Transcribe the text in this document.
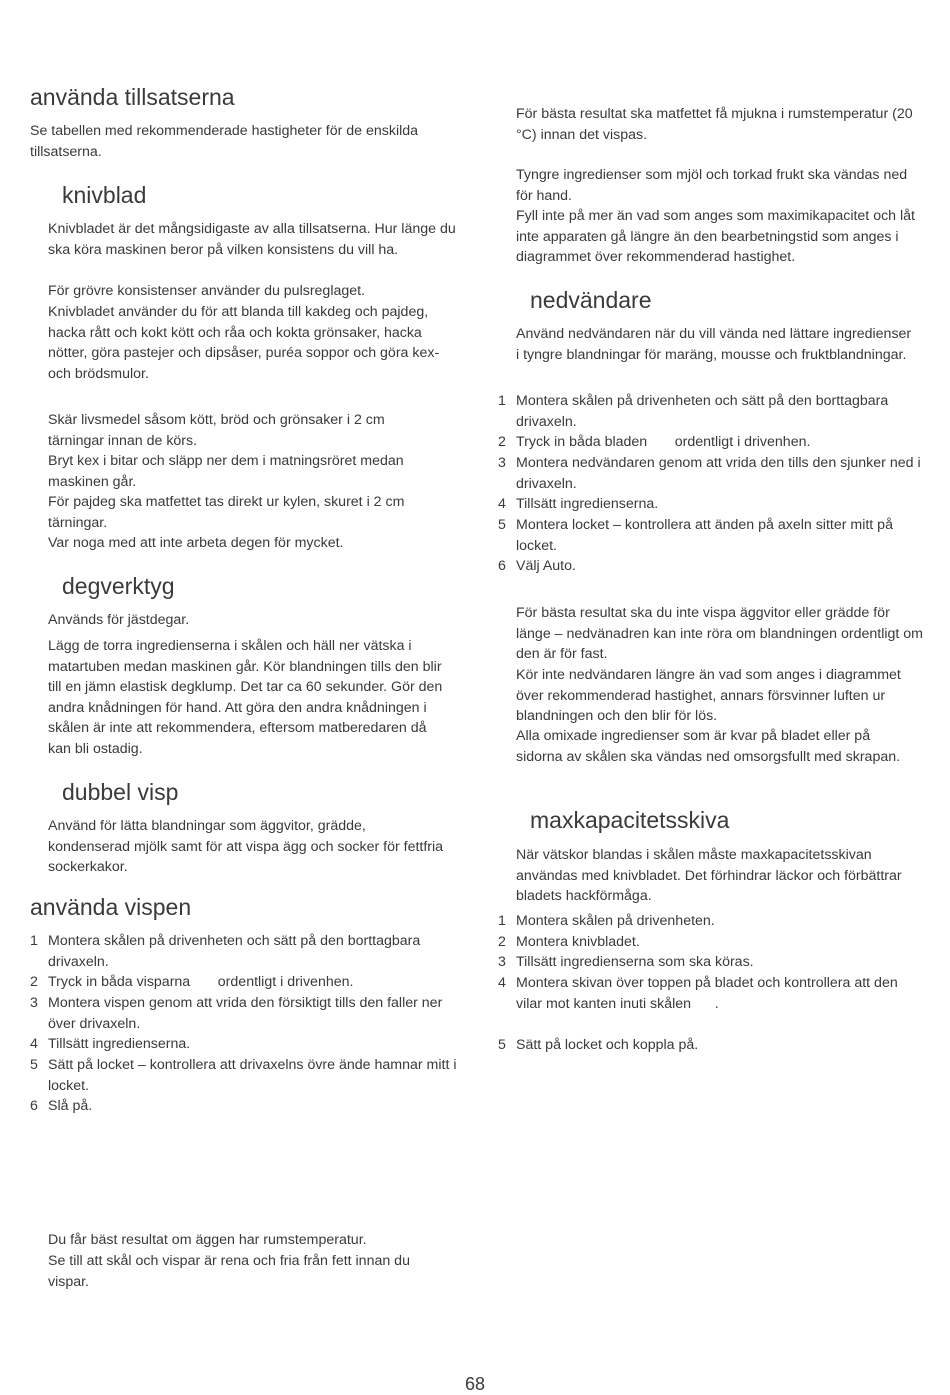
använda tillsatserna

Se tabellen med rekommenderade hastigheter för de enskilda tillsatserna.

knivblad

Knivbladet är det mångsidigaste av alla tillsatserna. Hur länge du ska köra maskinen beror på vilken konsistens du vill ha.

För grövre konsistenser använder du pulsreglaget.

Knivbladet använder du för att blanda till kakdeg och pajdeg, hacka rått och kokt kött och råa och kokta grönsaker, hacka nötter, göra pastejer och dipsåser, puréa soppor och göra kex- och brödsmulor.

Skär livsmedel såsom kött, bröd och grönsaker i 2 cm tärningar innan de körs.

Bryt kex i bitar och släpp ner dem i matningsröret medan maskinen går.

För pajdeg ska matfettet tas direkt ur kylen, skuret i 2 cm tärningar.

Var noga med att inte arbeta degen för mycket.

degverktyg

Används för jästdegar.

Lägg de torra ingredienserna i skålen och häll ner vätska i matartuben medan maskinen går. Kör blandningen tills den blir till en jämn elastisk degklump. Det tar ca 60 sekunder. Gör den andra knådningen för hand. Att göra den andra knådningen i skålen är inte att rekommendera, eftersom matberedaren då kan bli ostadig.

dubbel visp

Använd för lätta blandningar som äggvitor, grädde, kondenserad mjölk samt för att vispa ägg och socker för fettfria sockerkakor.

använda vispen
1 Montera skålen på drivenheten och sätt på den borttagbara drivaxeln.
2 Tryck in båda visparna       ordentligt i drivenhen.
3 Montera vispen genom att vrida den försiktigt tills den faller ner över drivaxeln.
4 Tillsätt ingredienserna.
5 Sätt på locket – kontrollera att drivaxelns övre ände hamnar mitt i locket.
6 Slå på.

Du får bäst resultat om äggen har rumstemperatur.

Se till att skål och vispar är rena och fria från fett innan du vispar.

För bästa resultat ska matfettet få mjukna i rumstemperatur (20 °C) innan det vispas.

Tyngre ingredienser som mjöl och torkad frukt ska vändas ned för hand.

Fyll inte på mer än vad som anges som maximikapacitet och låt inte apparaten gå längre än den bearbetningstid som anges i diagrammet över rekommenderad hastighet.

nedvändare

Använd nedvändaren när du vill vända ned lättare ingredienser i tyngre blandningar för maräng, mousse och fruktblandningar.

1 Montera skålen på drivenheten och sätt på den borttagbara drivaxeln.
2 Tryck in båda bladen       ordentligt i drivenhen.
3 Montera nedvändaren genom att vrida den tills den sjunker ned i drivaxeln.
4 Tillsätt ingredienserna.
5 Montera locket – kontrollera att änden på axeln sitter mitt på locket.
6 Välj Auto.

För bästa resultat ska du inte vispa äggvitor eller grädde för länge – nedvänadren kan inte röra om blandningen ordentligt om den är för fast.

Kör inte nedvändaren längre än vad som anges i diagrammet över rekommenderad hastighet, annars försvinner luften ur blandningen och den blir för lös.

Alla omixade ingredienser som är kvar på bladet eller på sidorna av skålen ska vändas ned omsorgsfullt med skrapan.

maxkapacitetsskiva

När vätskor blandas i skålen måste maxkapacitetsskivan användas med knivbladet. Det förhindrar läckor och förbättrar bladets hackförmåga.

1 Montera skålen på drivenheten.
2 Montera knivbladet.
3 Tillsätt ingredienserna som ska köras.
4 Montera skivan över toppen på bladet och kontrollera att den vilar mot kanten inuti skålen      .
5 Sätt på locket och koppla på.
68
